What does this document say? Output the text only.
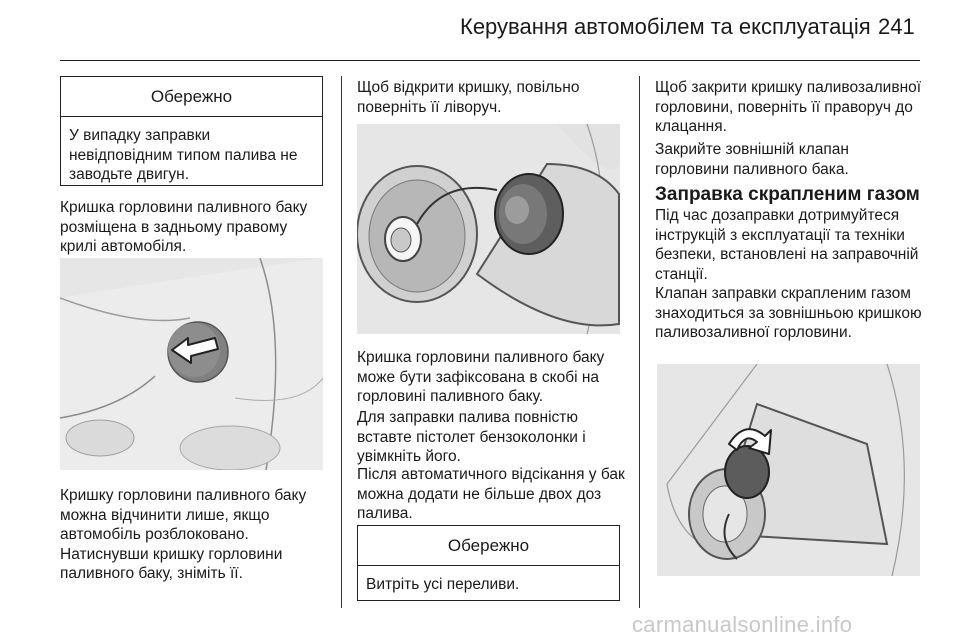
Керування автомобілем та експлуатація 241
Обережно
У випадку заправки невідповідним типом палива не заводьте двигун.

Кришка горловини паливного баку розміщена в задньому правому крилі автомобіля.

Кришку горловини паливного баку можна відчинити лише, якщо автомобіль розблоковано. Натиснувши кришку горловини паливного баку, зніміть її.

Щоб відкрити кришку, повільно поверніть її ліворуч.

Кришка горловини паливного баку може бути зафіксована в скобі на горловині паливного баку.

Для заправки палива повністю вставте пістолет бензоколонки і увімкніть його.

Після автоматичного відсікання у бак можна додати не більше двох доз палива.

Обережно
Витріть усі переливи.

Щоб закрити кришку паливозаливної горловини, поверніть її праворуч до клацання.

Закрийте зовнішній клапан горловини паливного бака.

Заправка скрапленим газом

Під час дозаправки дотримуйтеся інструкцій з експлуатації та техніки безпеки, встановлені на заправочній станції.

Клапан заправки скрапленим газом знаходиться за зовнішньою кришкою паливозаливної горловини.

carmanualsonline.info
